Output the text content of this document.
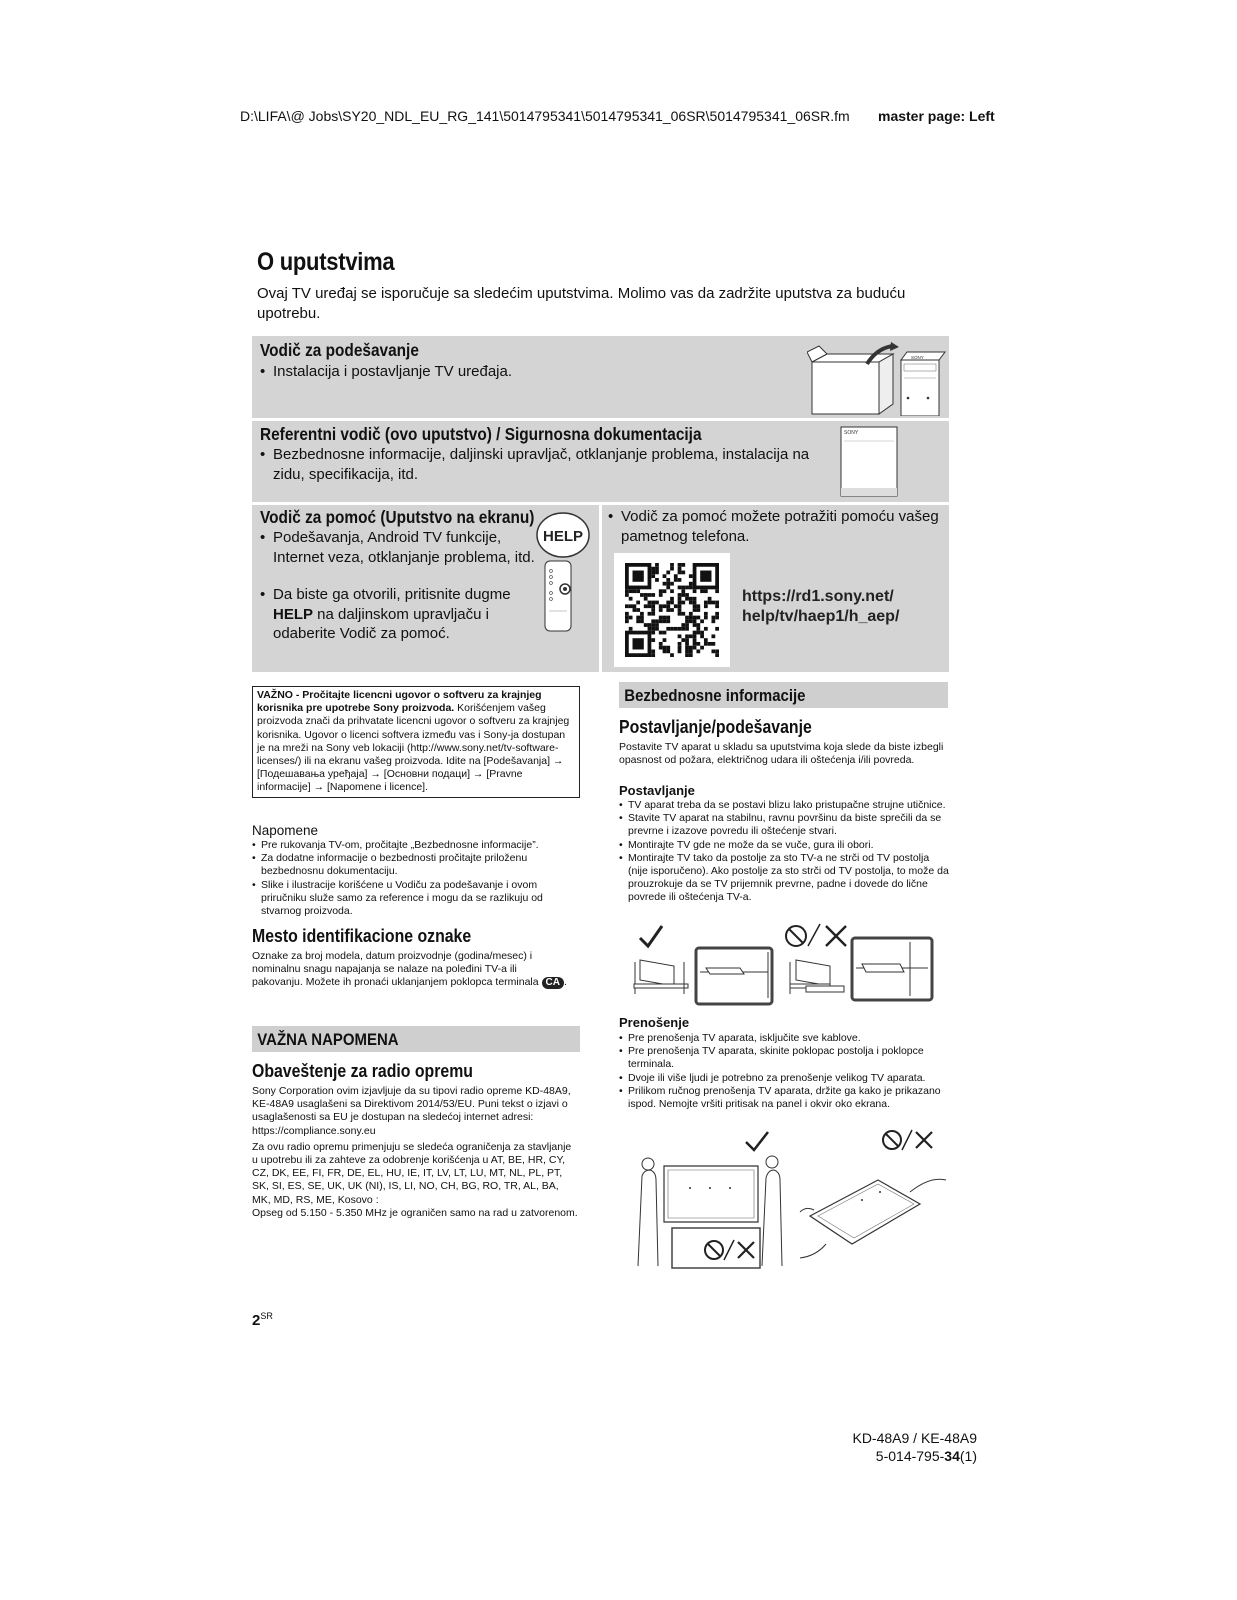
D:\LIFA\@ Jobs\SY20_NDL_EU_RG_141\5014795341\5014795341_06SR\5014795341_06SR.fm master page: Left
O uputstvima
Ovaj TV uređaj se isporučuje sa sledećim uputstvima. Molimo vas da zadržite uputstva za buduću upotrebu.
Vodič za podešavanje
• Instalacija i postavljanje TV uređaja.
SONY
Referentni vodič (ovo uputstvo) / Sigurnosna dokumentacija
• Bezbednosne informacije, daljinski upravljač, otklanjanje problema, instalacija na zidu, specifikacija, itd.
SONY
Vodič za pomoć (Uputstvo na ekranu)
• Podešavanja, Android TV funkcije, Internet veza, otklanjanje problema, itd.
• Da biste ga otvorili, pritisnite dugme HELP na daljinskom upravljaču i odaberite Vodič za pomoć.
HELP
• Vodič za pomoć možete potražiti pomoću vašeg pametnog telefona.
https://rd1.sony.net/
help/tv/haep1/h_aep/
VAŽNO - Pročitajte licencni ugovor o softveru za krajnjeg korisnika pre upotrebe Sony proizvoda. Korišćenjem vašeg proizvoda znači da prihvatate licencni ugovor o softveru za krajnjeg korisnika. Ugovor o licenci softvera između vas i Sony-ja dostupan je na mreži na Sony veb lokaciji (http://www.sony.net/tv-software-licenses/) ili na ekranu vašeg proizvoda. Idite na [Podešavanja] → [Подешавања уређаја] → [Основни подаци] → [Pravne informacije] → [Napomene i licence].
Napomene
• Pre rukovanja TV-om, pročitajte „Bezbednosne informacije”.
• Za dodatne informacije o bezbednosti pročitajte priloženu bezbednosnu dokumentaciju.
• Slike i ilustracije korišćene u Vodiču za podešavanje i ovom priručniku služe samo za reference i mogu da se razlikuju od stvarnog proizvoda.
Mesto identifikacione oznake
Oznake za broj modela, datum proizvodnje (godina/mesec) i nominalnu snagu napajanja se nalaze na poleđini TV-a ili pakovanju. Možete ih pronaći uklanjanjem poklopca terminala CA .
VAŽNA NAPOMENA
Obaveštenje za radio opremu
Sony Corporation ovim izjavljuje da su tipovi radio opreme KD-48A9, KE-48A9 usaglašeni sa Direktivom 2014/53/EU. Puni tekst o izjavi o usaglašenosti sa EU je dostupan na sledećoj internet adresi: https://compliance.sony.eu
Za ovu radio opremu primenjuju se sledeća ograničenja za stavljanje u upotrebu ili za zahteve za odobrenje korišćenja u AT, BE, HR, CY, CZ, DK, EE, FI, FR, DE, EL, HU, IE, IT, LV, LT, LU, MT, NL, PL, PT, SK, SI, ES, SE, UK, UK (NI), IS, LI, NO, CH, BG, RO, TR, AL, BA, MK, MD, RS, ME, Kosovo :
Opseg od 5.150 - 5.350 MHz je ograničen samo na rad u zatvorenom.
$2^{SR}$
Bezbednosne informacije
Postavljanje/podešavanje
Postavite TV aparat u skladu sa uputstvima koja slede da biste izbegli opasnost od požara, električnog udara ili oštećenja i/ili povreda.
Postavljanje
• TV aparat treba da se postavi blizu lako pristupačne strujne utičnice.
• Stavite TV aparat na stabilnu, ravnu površinu da biste sprečili da se prevrne i izazove povredu ili oštećenje stvari.
• Montirajte TV gde ne može da se vuče, gura ili obori.
• Montirajte TV tako da postolje za sto TV-a ne strči od TV postolja (nije isporučeno). Ako postolje za sto strči od TV postolja, to može da prouzrokuje da se TV prijemnik prevrne, padne i dovede do lične povrede ili oštećenja TV-a.
Prenošenje
• Pre prenošenja TV aparata, isključite sve kablove.
• Pre prenošenja TV aparata, skinite poklopac postolja i poklopce terminala.
• Dvoje ili više ljudi je potrebno za prenošenje velikog TV aparata.
• Prilikom ručnog prenošenja TV aparata, držite ga kako je prikazano ispod. Nemojte vršiti pritisak na panel i okvir oko ekrana.
KD-48A9 / KE-48A9
5-014-795-34(1)
